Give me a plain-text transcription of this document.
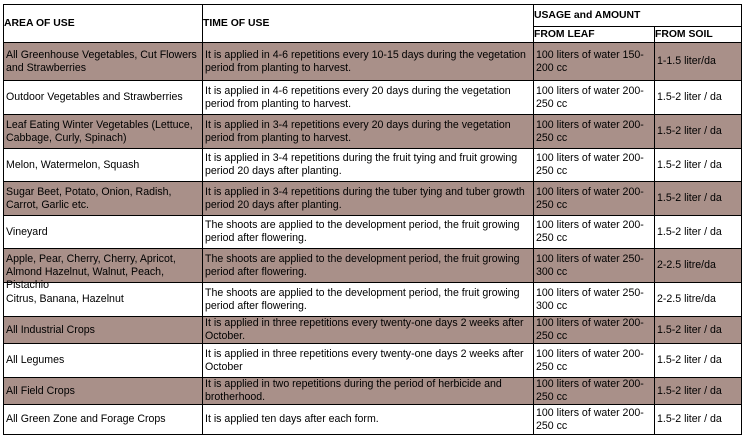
AREA OF USE	TIME OF USE	USAGE and AMOUNT	
		FROM LEAF	FROM SOIL

All Greenhouse Vegetables, Cut Flowers and Strawberries	It is applied in 4-6 repetitions every 10-15 days during the vegetation period from planting to harvest.	100 liters of water 150-200 cc	1-1.5 liter/da

Outdoor Vegetables and Strawberries	It is applied in 4-6 repetitions every 20 days during the vegetation period from planting to harvest.	100 liters of water 200-250 cc	1.5-2 liter / da

Leaf Eating Winter Vegetables (Lettuce, Cabbage, Curly, Spinach)	It is applied in 3-4 repetitions every 20 days during the vegetation period from planting to harvest.	100 liters of water 200-250 cc	1.5-2 liter / da

Melon, Watermelon, Squash	It is applied in 3-4 repetitions during the fruit tying and fruit growing period 20 days after planting.	100 liters of water 200-250 cc	1.5-2 liter / da

Sugar Beet, Potato, Onion, Radish, Carrot, Garlic etc.	It is applied in 3-4 repetitions during the tuber tying and tuber growth period 20 days after planting.	100 liters of water 200-250 cc	1.5-2 liter / da

Vineyard	The shoots are applied to the development period, the fruit growing period after flowering.	100 liters of water 200-250 cc	1.5-2 liter / da

Apple, Pear, Cherry, Cherry, Apricot, Almond Hazelnut, Walnut, Peach, Pistachio	The shoots are applied to the development period, the fruit growing period after flowering.	100 liters of water 250-300 cc	2-2.5 litre/da

Citrus, Banana, Hazelnut	The shoots are applied to the development period, the fruit growing period after flowering.	100 liters of water 250-300 cc	2-2.5 litre/da

All Industrial Crops	It is applied in three repetitions every twenty-one days 2 weeks after October.	100 liters of water 200-250 cc	1.5-2 liter / da

All Legumes	It is applied in three repetitions every twenty-one days 2 weeks after October	100 liters of water 200-250 cc	1.5-2 liter / da

All Field Crops	It is applied in two repetitions during the period of herbicide and brotherhood.	100 liters of water 200-250 cc	1.5-2 liter / da

All Green Zone and Forage Crops	It is applied ten days after each form.	100 liters of water 200-250 cc	1.5-2 liter / da
